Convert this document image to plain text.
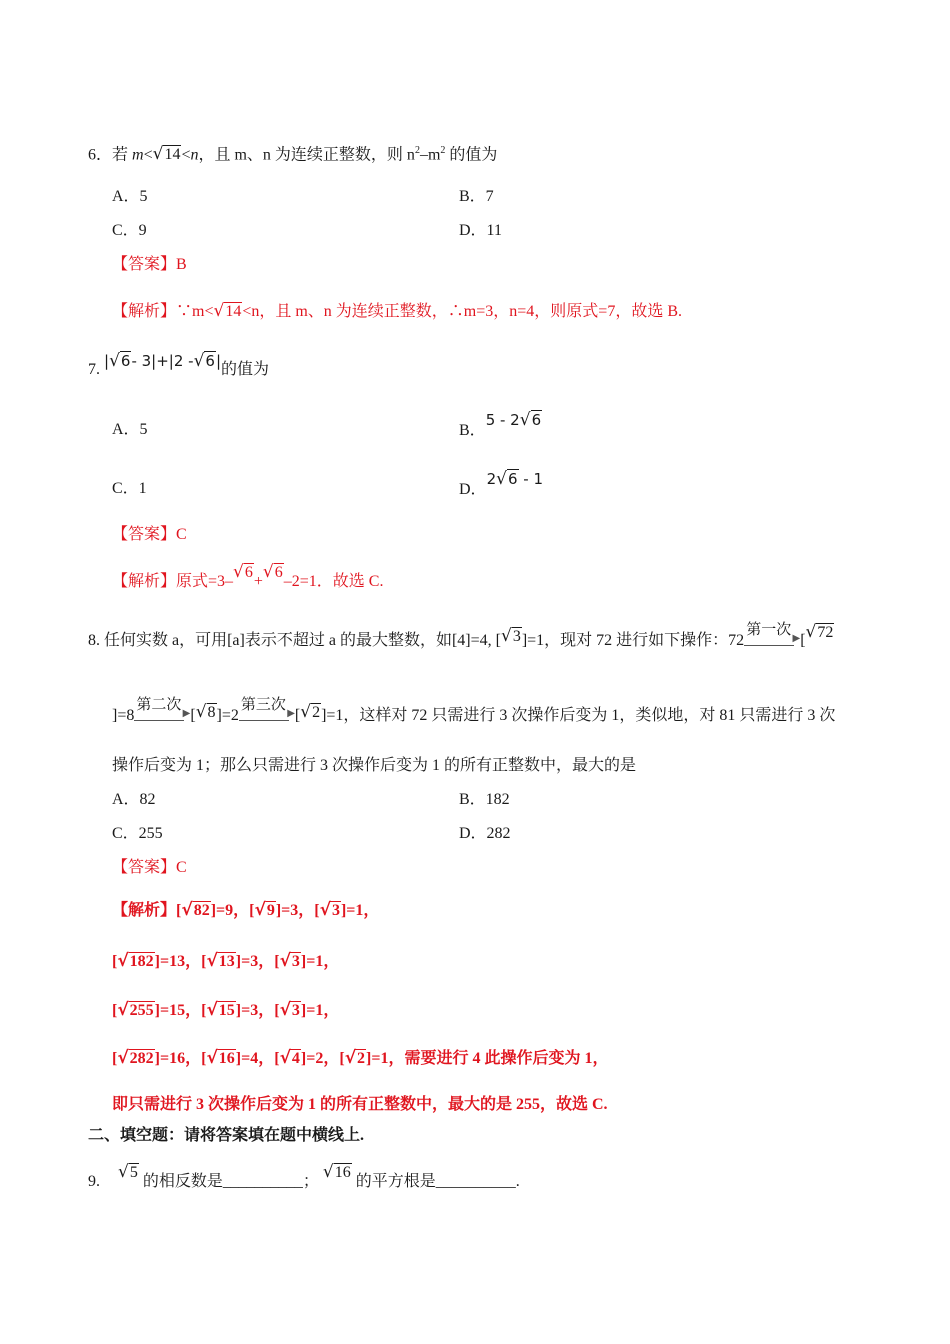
6．若 m<√14<n，且 m、n 为连续正整数，则 $n^2-m^2$ 的值为
A．5	B．7
C．9	D．11
【答案】B
【解析】∵m<√14<n，且 m、n 为连续正整数，∴m=3，n=4，则原式=7，故选 B.
7. |√6- 3|+|2 -√6|的值为
A．5	B．5 - 2√6
C．1	D．2√6 - 1
【答案】C
【解析】原式=3–√6+√6–2=1．故选 C.
8. 任何实数 a，可用[a]表示不超过 a 的最大整数，如[4]=4, [√3]=1，现对 72 进行如下操作：72
第一次
▶ [√72
]=8
第二次
▶ [√8]=2
第三次
▶ [√2]=1，这样对 72 只需进行 3 次操作后变为 1，类似地，对 81 只需进行 3 次
操作后变为 1；那么只需进行 3 次操作后变为 1 的所有正整数中，最大的是
A．82	B．182
C．255	D．282
【答案】C
【解析】[√82]=9，[√9]=3，[√3]=1，
[√182]=13，[√13]=3，[√3]=1，
[√255]=15，[√15]=3，[√3]=1，
[√282]=16，[√16]=4，[√4]=2，[√2]=1，需要进行 4 此操作后变为 1，
即只需进行 3 次操作后变为 1 的所有正整数中，最大的是 255，故选 C.
二、填空题：请将答案填在题中横线上.
9. √5的相反数是__________； √16的平方根是__________.
